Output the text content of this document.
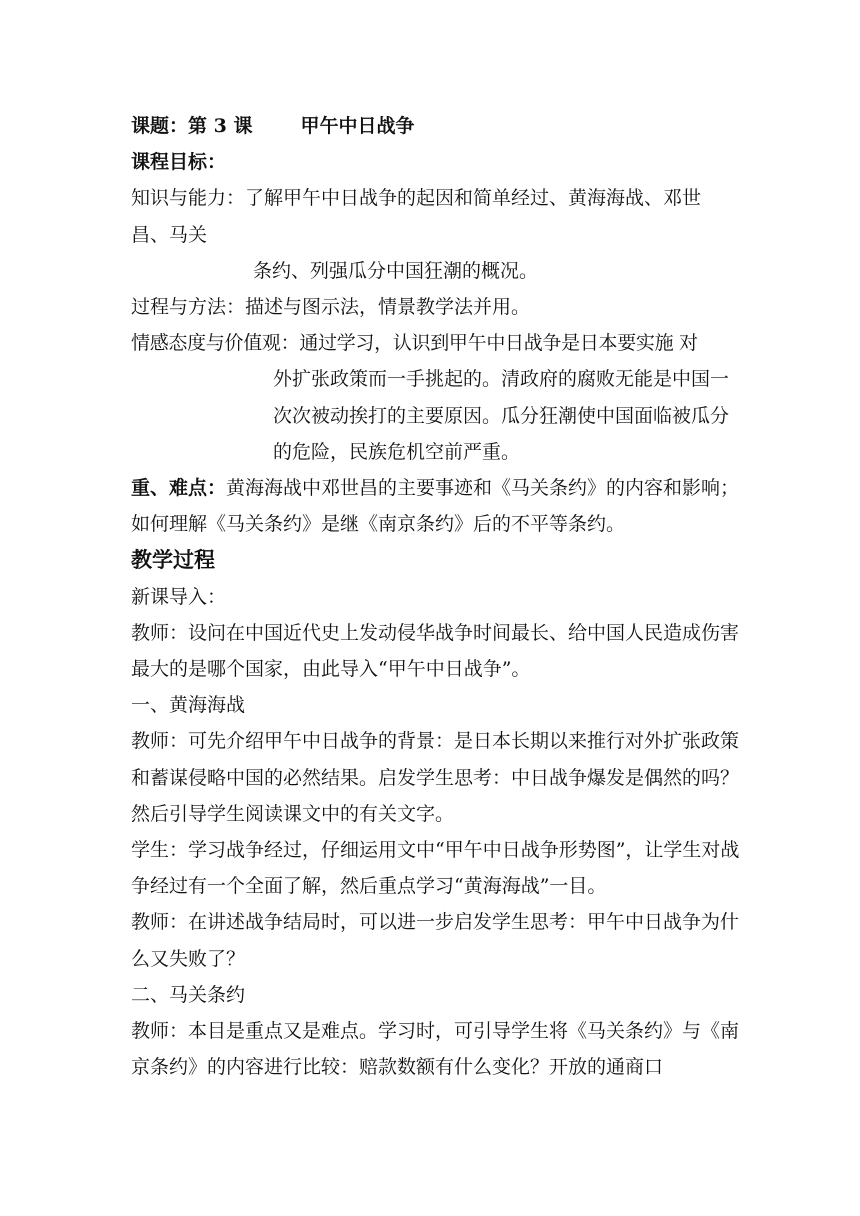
课题：第 3 课	甲午中日战争
课程目标：
知识与能力：了解甲午中日战争的起因和简单经过、黄海海战、邓世
昌、马关
条约、列强瓜分中国狂潮的概况。
过程与方法：描述与图示法，情景教学法并用。
情感态度与价值观：通过学习，认识到甲午中日战争是日本要实施 对
外扩张政策而一手挑起的。清政府的腐败无能是中国一次次被动挨打的主要原因。瓜分狂潮使中国面临被瓜分的危险，民族危机空前严重。
重、难点：黄海海战中邓世昌的主要事迹和《马关条约》的内容和影响；如何理解《马关条约》是继《南京条约》后的不平等条约。
教学过程
新课导入：
教师：设问在中国近代史上发动侵华战争时间最长、给中国人民造成伤害最大的是哪个国家，由此导入“甲午中日战争”。
一、黄海海战
教师：可先介绍甲午中日战争的背景：是日本长期以来推行对外扩张政策和蓄谋侵略中国的必然结果。启发学生思考：中日战争爆发是偶然的吗？然后引导学生阅读课文中的有关文字。
学生：学习战争经过，仔细运用文中“甲午中日战争形势图”，让学生对战争经过有一个全面了解，然后重点学习“黄海海战”一目。
教师：在讲述战争结局时，可以进一步启发学生思考：甲午中日战争为什么又失败了？
二、马关条约
教师：本目是重点又是难点。学习时，可引导学生将《马关条约》与《南京条约》的内容进行比较：赔款数额有什么变化？开放的通商口
